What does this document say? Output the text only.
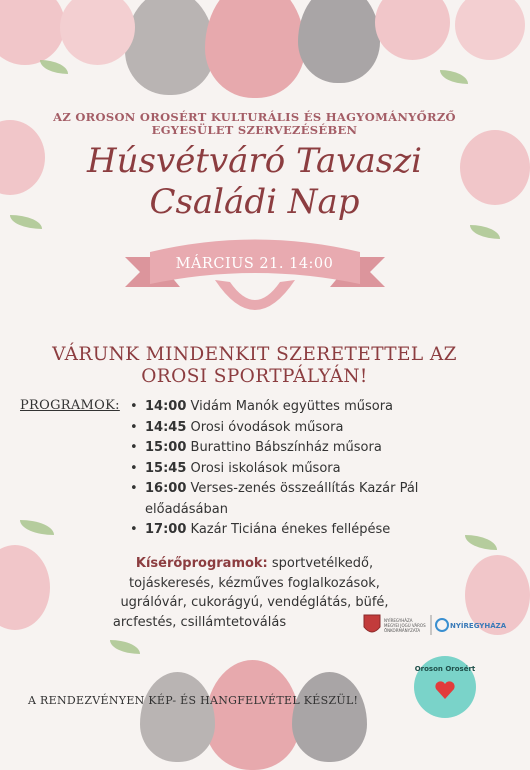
AZ OROSON OROSÉRT KULTURÁLIS ÉS HAGYOMÁNYŐRZŐ
EGYESÜLET SZERVEZÉSÉBEN
Húsvétváró Tavaszi
Családi Nap
MÁRCIUS 21. 14:00
VÁRUNK MINDENKIT SZERETETTEL AZ
OROSI SPORTPÁLYÁN!
PROGRAMOK:
•	14:00 Vidám Manók együttes műsora
• 14:45 Orosi óvodások műsora
• 15:00 Burattino Bábszínház műsora
• 15:45 Orosi iskolások műsora
• 16:00 Verses-zenés összeállítás Kazár Pál előadásában
• 17:00 Kazár Ticiána énekes fellépése
Kísérőprogramok: sportvetélkedő,
tojáskeresés, kézműves foglalkozások,
ugrálóvár, cukorágyú, vendéglátás, büfé,
arcfestés, csillámtetoválás	NYÍREGYHÁZA
MEGYEI JOGÚ VÁROS
ÖNKORMÁNYZATA
NYÍREGYHÁZA
Oroson Orosért
A RENDEZVÉNYEN KÉP- ÉS HANGFELVÉTEL KÉSZÜL!
